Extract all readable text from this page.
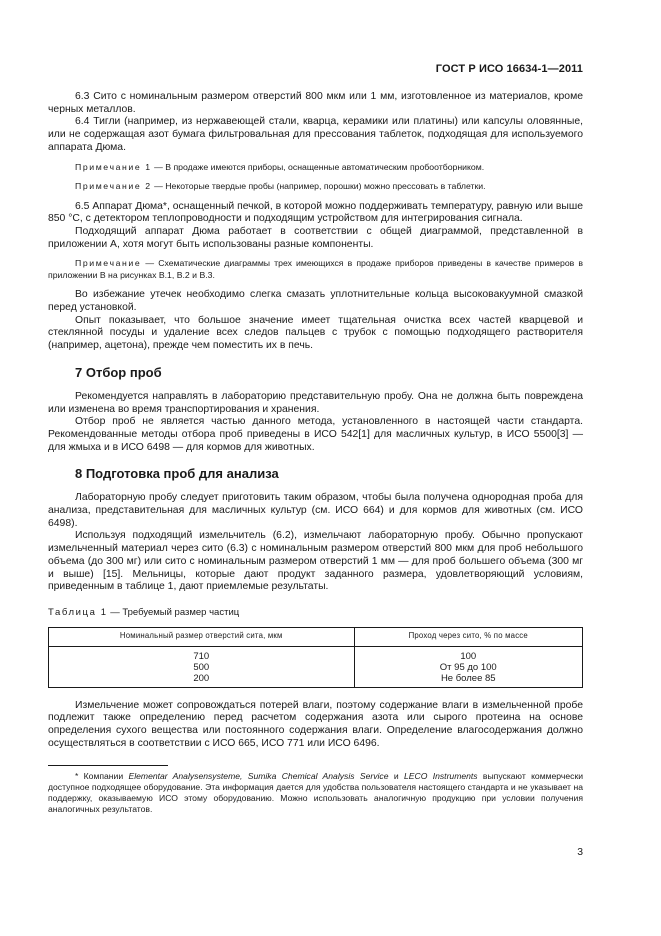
ГОСТ Р ИСО 16634-1—2011

6.3 Сито с номинальным размером отверстий 800 мкм или 1 мм, изготовленное из материалов, кроме черных металлов.

6.4 Тигли (например, из нержавеющей стали, кварца, керамики или платины) или капсулы оловянные, или не содержащая азот бумага фильтровальная для прессования таблеток, подходящая для используемого аппарата Дюма.

Примечание 1 — В продаже имеются приборы, оснащенные автоматическим пробоотборником.

Примечание 2 — Некоторые твердые пробы (например, порошки) можно прессовать в таблетки.

6.5 Аппарат Дюма*, оснащенный печкой, в которой можно поддерживать температуру, равную или выше 850 °С, с детектором теплопроводности и подходящим устройством для интегрирования сигнала.

Подходящий аппарат Дюма работает в соответствии с общей диаграммой, представленной в приложении А, хотя могут быть использованы разные компоненты.

Примечание — Схематические диаграммы трех имеющихся в продаже приборов приведены в качестве примеров в приложении В на рисунках В.1, В.2 и В.3.

Во избежание утечек необходимо слегка смазать уплотнительные кольца высоковакуумной смазкой перед установкой.

Опыт показывает, что большое значение имеет тщательная очистка всех частей кварцевой и стеклянной посуды и удаление всех следов пальцев с трубок с помощью подходящего растворителя (например, ацетона), прежде чем поместить их в печь.

7 Отбор проб

Рекомендуется направлять в лабораторию представительную пробу. Она не должна быть повреждена или изменена во время транспортирования и хранения.

Отбор проб не является частью данного метода, установленного в настоящей части стандарта. Рекомендованные методы отбора проб приведены в ИСО 542[1] для масличных культур, в ИСО 5500[3] — для жмыха и в ИСО 6498 — для кормов для животных.

8 Подготовка проб для анализа

Лабораторную пробу следует приготовить таким образом, чтобы была получена однородная проба для анализа, представительная для масличных культур (см. ИСО 664) и для кормов для животных (см. ИСО 6498).

Используя подходящий измельчитель (6.2), измельчают лабораторную пробу. Обычно пропускают измельченный материал через сито (6.3) с номинальным размером отверстий 800 мкм для проб небольшого объема (до 300 мг) или сито с номинальным размером отверстий 1 мм — для проб большего объема (300 мг и выше) [15]. Мельницы, которые дают продукт заданного размера, удовлетворяющий условиям, приведенным в таблице 1, дают приемлемые результаты.

Таблица 1 — Требуемый размер частиц

Номинальный размер отверстий сита, мкм	Проход через сито, % по массе
710	100
500	От 95 до 100
200	Не более 85

Измельчение может сопровождаться потерей влаги, поэтому содержание влаги в измельченной пробе подлежит также определению перед расчетом содержания азота или сырого протеина на основе определения сухого вещества или постоянного содержания влаги. Определение влагосодержания должно осуществляться в соответствии с ИСО 665, ИСО 771 или ИСО 6496.

* Компании Elementar Analysensysteme, Sumika Chemical Analysis Service и LECO Instruments выпускают коммерчески доступное подходящее оборудование. Эта информация дается для удобства пользователя настоящего стандарта и не указывает на поддержку, оказываемую ИСО этому оборудованию. Можно использовать аналогичную продукцию при условии получения аналогичных результатов.

3
